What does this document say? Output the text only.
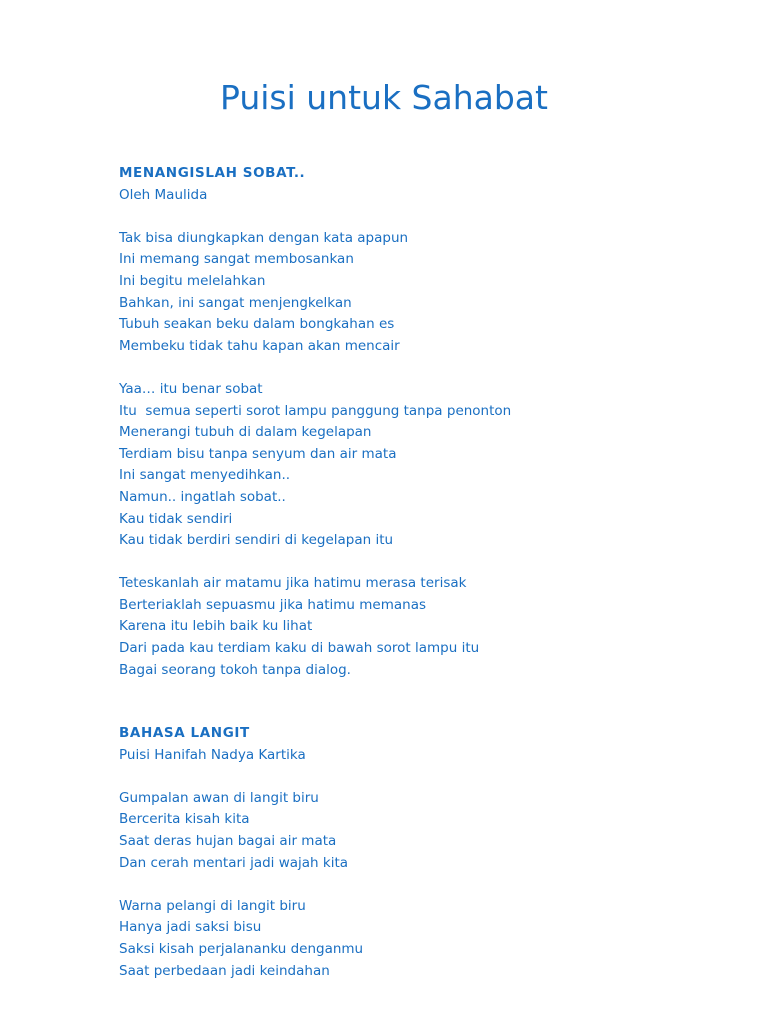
Puisi untuk Sahabat

MENANGISLAH SOBAT..

Oleh Maulida

Tak bisa diungkapkan dengan kata apapun

Ini memang sangat membosankan

Ini begitu melelahkan

Bahkan, ini sangat menjengkelkan

Tubuh seakan beku dalam bongkahan es

Membeku tidak tahu kapan akan mencair

Yaa… itu benar sobat

Itu  semua seperti sorot lampu panggung tanpa penonton

Menerangi tubuh di dalam kegelapan

Terdiam bisu tanpa senyum dan air mata

Ini sangat menyedihkan..

Namun.. ingatlah sobat..

Kau tidak sendiri

Kau tidak berdiri sendiri di kegelapan itu

Teteskanlah air matamu jika hatimu merasa terisak

Berteriaklah sepuasmu jika hatimu memanas

Karena itu lebih baik ku lihat

Dari pada kau terdiam kaku di bawah sorot lampu itu

Bagai seorang tokoh tanpa dialog.

BAHASA LANGIT

Puisi Hanifah Nadya Kartika

Gumpalan awan di langit biru

Bercerita kisah kita

Saat deras hujan bagai air mata

Dan cerah mentari jadi wajah kita

Warna pelangi di langit biru

Hanya jadi saksi bisu

Saksi kisah perjalananku denganmu

Saat perbedaan jadi keindahan
